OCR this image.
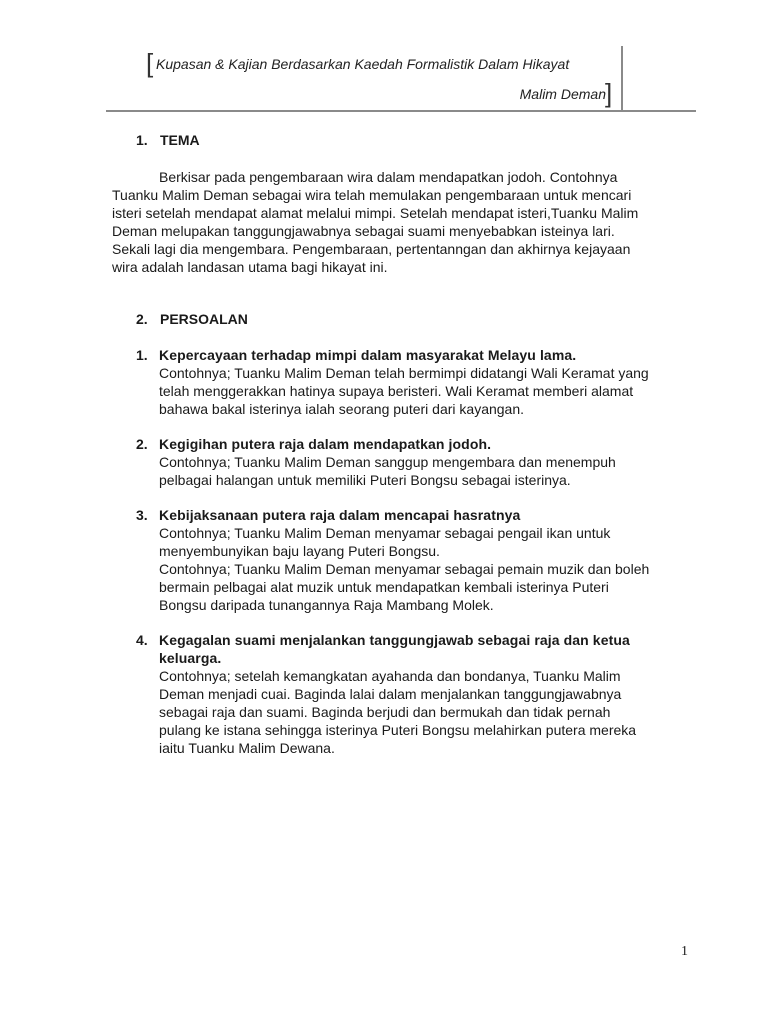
[ Kupasan & Kajian Berdasarkan Kaedah Formalistik Dalam Hikayat
Malim Deman ]
1. TEMA
Berkisar pada pengembaraan wira dalam mendapatkan jodoh. Contohnya
Tuanku Malim Deman sebagai wira telah memulakan pengembaraan untuk mencari
isteri setelah mendapat alamat melalui mimpi. Setelah mendapat isteri,Tuanku Malim
Deman melupakan tanggungjawabnya sebagai suami menyebabkan isteinya lari.
Sekali lagi dia mengembara. Pengembaraan, pertentanngan dan akhirnya kejayaan
wira adalah landasan utama bagi hikayat ini.
2. PERSOALAN
1. Kepercayaan terhadap mimpi dalam masyarakat Melayu lama.
Contohnya; Tuanku Malim Deman telah bermimpi didatangi Wali Keramat yang
telah menggerakkan hatinya supaya beristeri. Wali Keramat memberi alamat
bahawa bakal isterinya ialah seorang puteri dari kayangan.
2. Kegigihan putera raja dalam mendapatkan jodoh.
Contohnya; Tuanku Malim Deman sanggup mengembara dan menempuh
pelbagai halangan untuk memiliki Puteri Bongsu sebagai isterinya.
3. Kebijaksanaan putera raja dalam mencapai hasratnya
Contohnya; Tuanku Malim Deman menyamar sebagai pengail ikan untuk
menyembunyikan baju layang Puteri Bongsu.
Contohnya; Tuanku Malim Deman menyamar sebagai pemain muzik dan boleh
bermain pelbagai alat muzik untuk mendapatkan kembali isterinya Puteri
Bongsu daripada tunangannya Raja Mambang Molek.
4. Kegagalan suami menjalankan tanggungjawab sebagai raja dan ketua
keluarga.
Contohnya; setelah kemangkatan ayahanda dan bondanya, Tuanku Malim
Deman menjadi cuai. Baginda lalai dalam menjalankan tanggungjawabnya
sebagai raja dan suami. Baginda berjudi dan bermukah dan tidak pernah
pulang ke istana sehingga isterinya Puteri Bongsu melahirkan putera mereka
iaitu Tuanku Malim Dewana.
1
